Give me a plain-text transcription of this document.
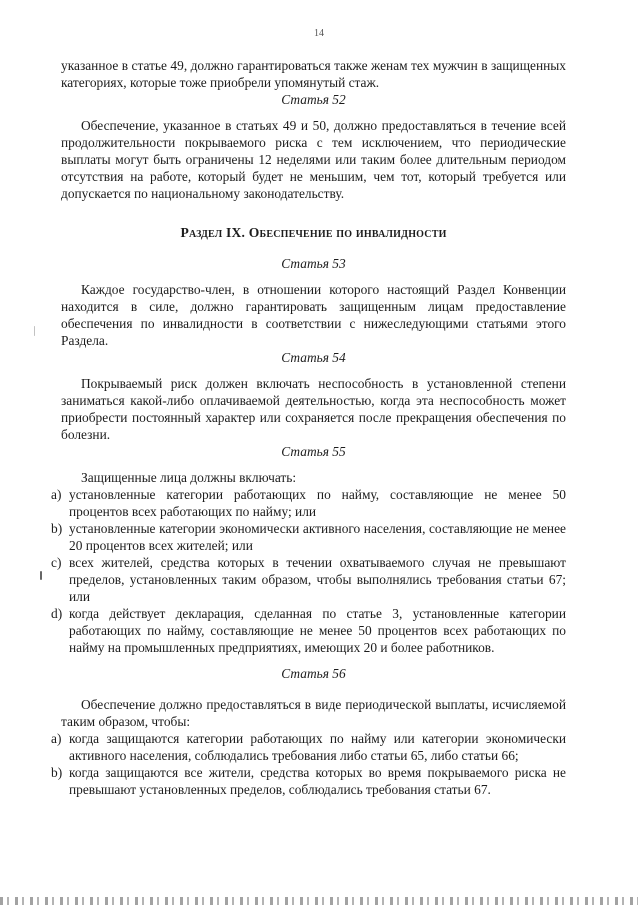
14

указанное в статье 49, должно гарантироваться также женам тех мужчин в защищенных категориях, которые тоже приобрели упомянутый стаж.

Статья 52

Обеспечение, указанное в статьях 49 и 50, должно предоставляться в течение всей продолжительности покрываемого риска с тем исключением, что периодические выплаты могут быть ограничены 12 неделями или таким более длительным периодом отсутствия на работе, который будет не меньшим, чем тот, который требуется или допускается по национальному законодательству.

Раздел IX. Обеспечение по инвалидности
Статья 53

Каждое государство-член, в отношении которого настоящий Раздел Конвенции находится в силе, должно гарантировать защищенным лицам предоставление обеспечения по инвалидности в соответствии с нижеследующими статьями этого Раздела.

Статья 54

Покрываемый риск должен включать неспособность в установленной степени заниматься какой-либо оплачиваемой деятельностью, когда эта неспособность может приобрести постоянный характер или сохраняется после прекращения обеспечения по болезни.

Статья 55

Защищенные лица должны включать:

a) установленные категории работающих по найму, составляющие не менее 50 процентов всех работающих по найму; или
b) установленные категории экономически активного населения, составляющие не менее 20 процентов всех жителей; или
c) всех жителей, средства которых в течении охватываемого случая не превышают пределов, установленных таким образом, чтобы выполнялись требования статьи 67; или
d) когда действует декларация, сделанная по статье 3, установленные категории работающих по найму, составляющие не менее 50 процентов всех работающих по найму на промышленных предприятиях, имеющих 20 и более работников.
Статья 56

Обеспечение должно предоставляться в виде периодической выплаты, исчисляемой таким образом, чтобы:

a) когда защищаются категории работающих по найму или категории экономически активного населения, соблюдались требования либо статьи 65, либо статьи 66;
b) когда защищаются все жители, средства которых во время покрываемого риска не превышают установленных пределов, соблюдались требования статьи 67.
